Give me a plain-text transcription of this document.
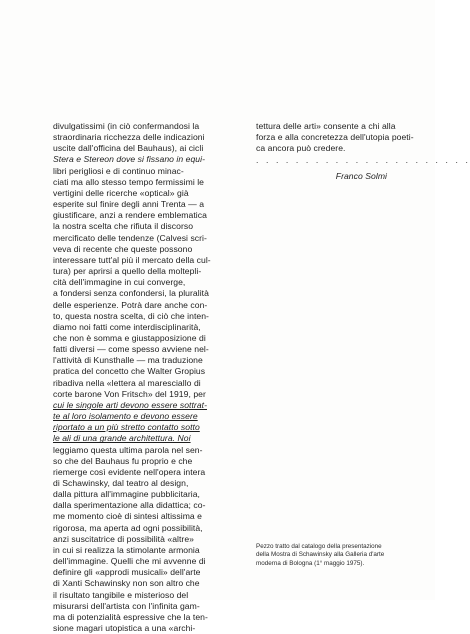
divulgatissimi (in ciò confermandosi la
straordinaria ricchezza delle indicazioni
uscite dall'officina del Bauhaus), ai cicli
Stera e Stereon dove si fissano in equi-
libri perigliosi e di continuo minac-
ciati ma allo stesso tempo fermissimi le
vertigini delle ricerche «optical» già
esperite sul finire degli anni Trenta — a
giustificare, anzi a rendere emblematica
la nostra scelta che rifiuta il discorso
mercificato delle tendenze (Calvesi scri-
veva di recente che queste possono
interessare tutt'al più il mercato della cul-
tura) per aprirsi a quello della moltepli-
cità dell'immagine in cui converge,
a fondersi senza confondersi, la pluralità
delle esperienze. Potrà dare anche con-
to, questa nostra scelta, di ciò che inten-
diamo noi fatti come interdisciplinarità,
che non è somma e giustapposizione di
fatti diversi — come spesso avviene nel-
l'attività di Kunsthalle — ma traduzione
pratica del concetto che Walter Gropius
ribadiva nella «lettera al maresciallo di
corte barone Von Fritsch» del 1919, per
cui le singole arti devono essere sottrat-
te al loro isolamento e devono essere
riportato a un più stretto contatto sotto
le ali di una grande architettura. Noi
leggiamo questa ultima parola nel sen-
so che del Bauhaus fu proprio e che
riemerge così evidente nell'opera intera
di Schawinsky, dal teatro al design,
dalla pittura all'immagine pubblicitaria,
dalla sperimentazione alla didattica; co-
me momento cioè di sintesi altissima e
rigorosa, ma aperta ad ogni possibilità,
anzi suscitatrice di possibilità «altre»
in cui si realizza la stimolante armonia
dell'immagine. Quelli che mi avvenne di
definire gli «approdi musicali» dell'arte
di Xanti Schawinsky non son altro che
il risultato tangibile e misterioso del
misurarsi dell'artista con l'infinita gam-
ma di potenzialità espressive che la ten-
sione magari utopistica a una «archi-
tettura delle arti» consente a chi alla
forza e alla concretezza dell'utopia poeti-
ca ancora può credere.
. . . . . . . . . . . . . . . . . . . . . .
Franco Solmi
Pezzo tratto dal catalogo della presentazione
della Mostra di Schawinsky alla Galleria d'arte
moderna di Bologna (1° maggio 1975).
